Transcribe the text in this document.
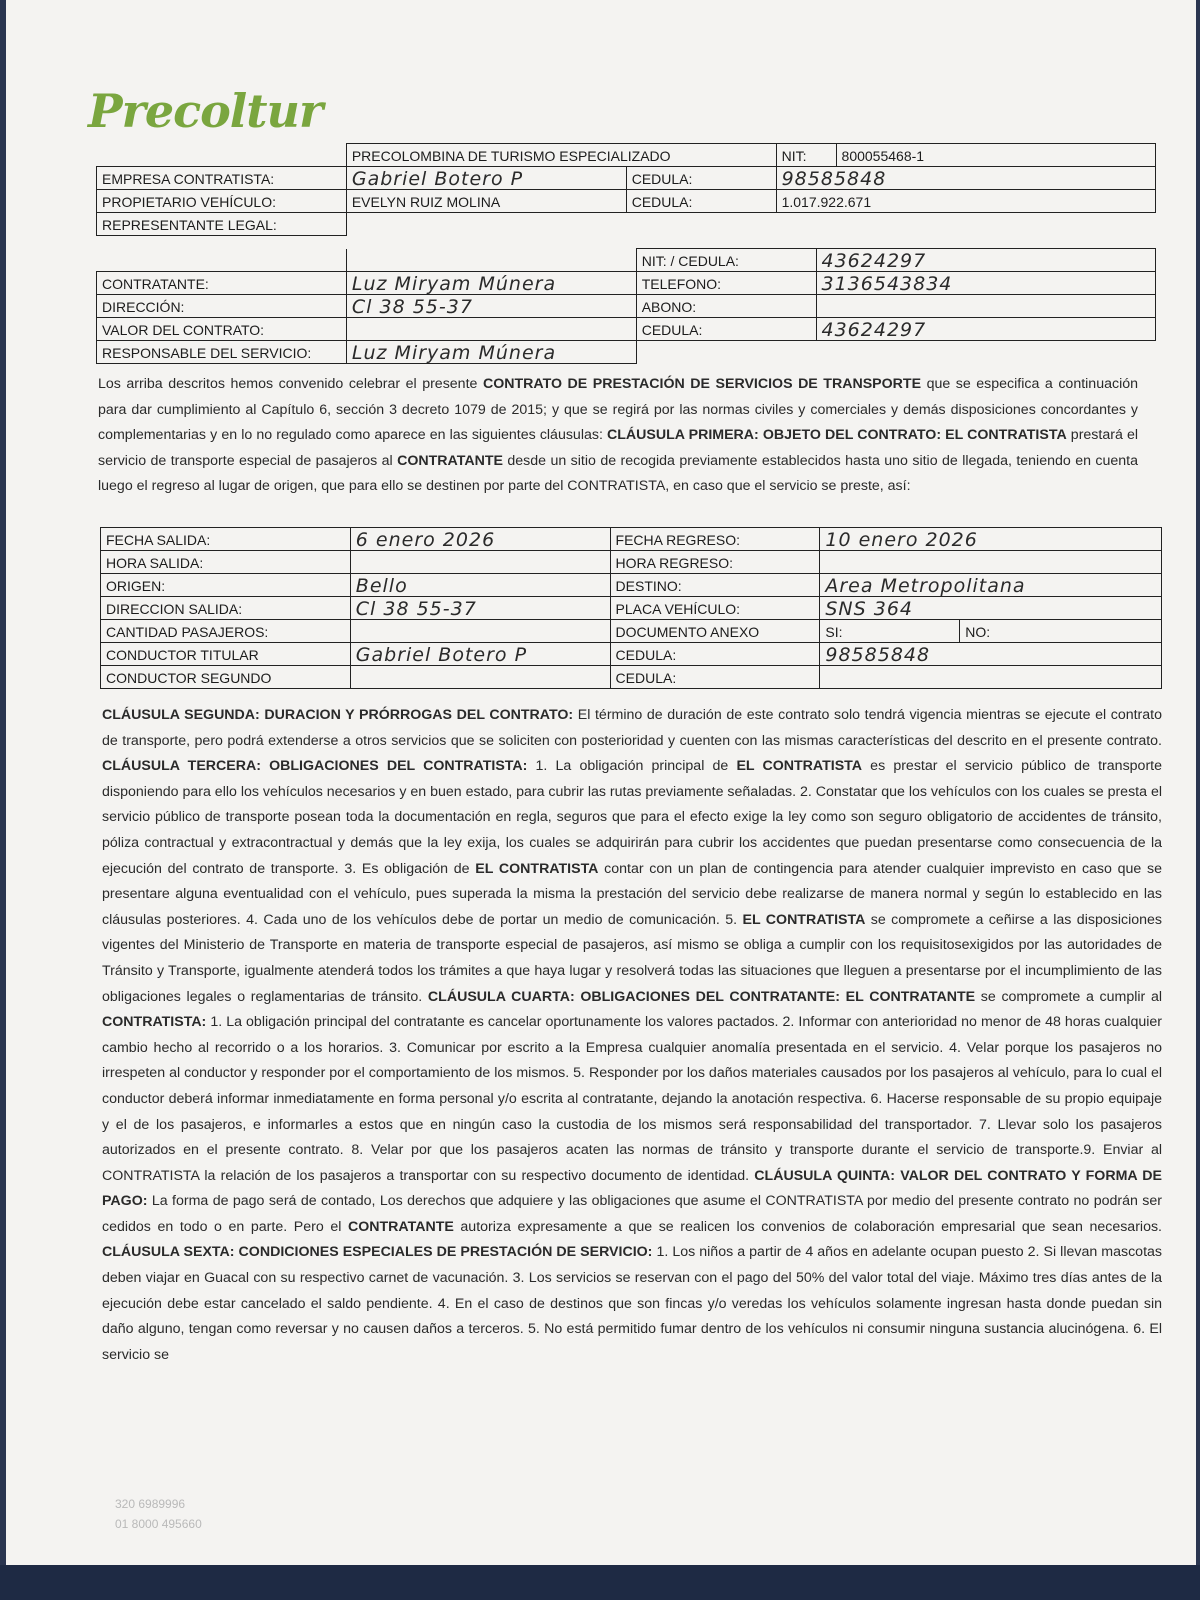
Precoltur
	PRECOLOMBINA DE TURISMO ESPECIALIZADO		NIT:	800055468-1
EMPRESA CONTRATISTA:	Gabriel Botero P	CEDULA:	98585848	
PROPIETARIO VEHÍCULO:	EVELYN RUIZ MOLINA	CEDULA:	1.017.922.671	
REPRESENTANTE LEGAL:				
		NIT: / CEDULA:	43624297
CONTRATANTE:	Luz Miryam Múnera	TELEFONO:	3136543834
DIRECCIÓN:	Cl 38 55-37	ABONO:	
VALOR DEL CONTRATO:		CEDULA:	43624297
RESPONSABLE DEL SERVICIO:	Luz Miryam Múnera		
Los arriba descritos hemos convenido celebrar el presente CONTRATO DE PRESTACIÓN DE SERVICIOS DE TRANSPORTE que se especifica a continuación para dar cumplimiento al Capítulo 6, sección 3 decreto 1079 de 2015; y que se regirá por las normas civiles y comerciales y demás disposiciones concordantes y complementarias y en lo no regulado como aparece en las siguientes cláusulas: CLÁUSULA PRIMERA: OBJETO DEL CONTRATO: EL CONTRATISTA prestará el servicio de transporte especial de pasajeros al CONTRATANTE desde un sitio de recogida previamente establecidos hasta uno sitio de llegada, teniendo en cuenta luego el regreso al lugar de origen, que para ello se destinen por parte del CONTRATISTA, en caso que el servicio se preste, así:
FECHA SALIDA:	6 enero 2026	FECHA REGRESO:	10 enero 2026	
HORA SALIDA:		HORA REGRESO:		
ORIGEN:	Bello	DESTINO:	Area Metropolitana	
DIRECCION SALIDA:	Cl 38 55-37	PLACA VEHÍCULO:	SNS 364	
CANTIDAD PASAJEROS:		DOCUMENTO ANEXO	SI:	NO:
CONDUCTOR TITULAR	Gabriel Botero P	CEDULA:	98585848	
CONDUCTOR SEGUNDO		CEDULA:		
CLÁUSULA SEGUNDA: DURACION Y PRÓRROGAS DEL CONTRATO: El término de duración de este contrato solo tendrá vigencia mientras se ejecute el contrato de transporte, pero podrá extenderse a otros servicios que se soliciten con posterioridad y cuenten con las mismas características del descrito en el presente contrato. CLÁUSULA TERCERA: OBLIGACIONES DEL CONTRATISTA: 1. La obligación principal de EL CONTRATISTA es prestar el servicio público de transporte disponiendo para ello los vehículos necesarios y en buen estado, para cubrir las rutas previamente señaladas. 2. Constatar que los vehículos con los cuales se presta el servicio público de transporte posean toda la documentación en regla, seguros que para el efecto exige la ley como son seguro obligatorio de accidentes de tránsito, póliza contractual y extracontractual y demás que la ley exija, los cuales se adquirirán para cubrir los accidentes que puedan presentarse como consecuencia de la ejecución del contrato de transporte. 3. Es obligación de EL CONTRATISTA contar con un plan de contingencia para atender cualquier imprevisto en caso que se presentare alguna eventualidad con el vehículo, pues superada la misma la prestación del servicio debe realizarse de manera normal y según lo establecido en las cláusulas posteriores. 4. Cada uno de los vehículos debe de portar un medio de comunicación. 5. EL CONTRATISTA se compromete a ceñirse a las disposiciones vigentes del Ministerio de Transporte en materia de transporte especial de pasajeros, así mismo se obliga a cumplir con los requisitosexigidos por las autoridades de Tránsito y Transporte, igualmente atenderá todos los trámites a que haya lugar y resolverá todas las situaciones que lleguen a presentarse por el incumplimiento de las obligaciones legales o reglamentarias de tránsito. CLÁUSULA CUARTA: OBLIGACIONES DEL CONTRATANTE: EL CONTRATANTE se compromete a cumplir al CONTRATISTA: 1. La obligación principal del contratante es cancelar oportunamente los valores pactados. 2. Informar con anterioridad no menor de 48 horas cualquier cambio hecho al recorrido o a los horarios. 3. Comunicar por escrito a la Empresa cualquier anomalía presentada en el servicio. 4. Velar porque los pasajeros no irrespeten al conductor y responder por el comportamiento de los mismos. 5. Responder por los daños materiales causados por los pasajeros al vehículo, para lo cual el conductor deberá informar inmediatamente en forma personal y/o escrita al contratante, dejando la anotación respectiva. 6. Hacerse responsable de su propio equipaje y el de los pasajeros, e informarles a estos que en ningún caso la custodia de los mismos será responsabilidad del transportador. 7. Llevar solo los pasajeros autorizados en el presente contrato. 8. Velar por que los pasajeros acaten las normas de tránsito y transporte durante el servicio de transporte.9. Enviar al CONTRATISTA la relación de los pasajeros a transportar con su respectivo documento de identidad. CLÁUSULA QUINTA: VALOR DEL CONTRATO Y FORMA DE PAGO: La forma de pago será de contado, Los derechos que adquiere y las obligaciones que asume el CONTRATISTA por medio del presente contrato no podrán ser cedidos en todo o en parte. Pero el CONTRATANTE autoriza expresamente a que se realicen los convenios de colaboración empresarial que sean necesarios. CLÁUSULA SEXTA: CONDICIONES ESPECIALES DE PRESTACIÓN DE SERVICIO: 1. Los niños a partir de 4 años en adelante ocupan puesto 2. Si llevan mascotas deben viajar en Guacal con su respectivo carnet de vacunación. 3. Los servicios se reservan con el pago del 50% del valor total del viaje. Máximo tres días antes de la ejecución debe estar cancelado el saldo pendiente. 4. En el caso de destinos que son fincas y/o veredas los vehículos solamente ingresan hasta donde puedan sin daño alguno, tengan como reversar y no causen daños a terceros. 5. No está permitido fumar dentro de los vehículos ni consumir ninguna sustancia alucinógena. 6. El servicio se
320 6989996
01 8000 495660
